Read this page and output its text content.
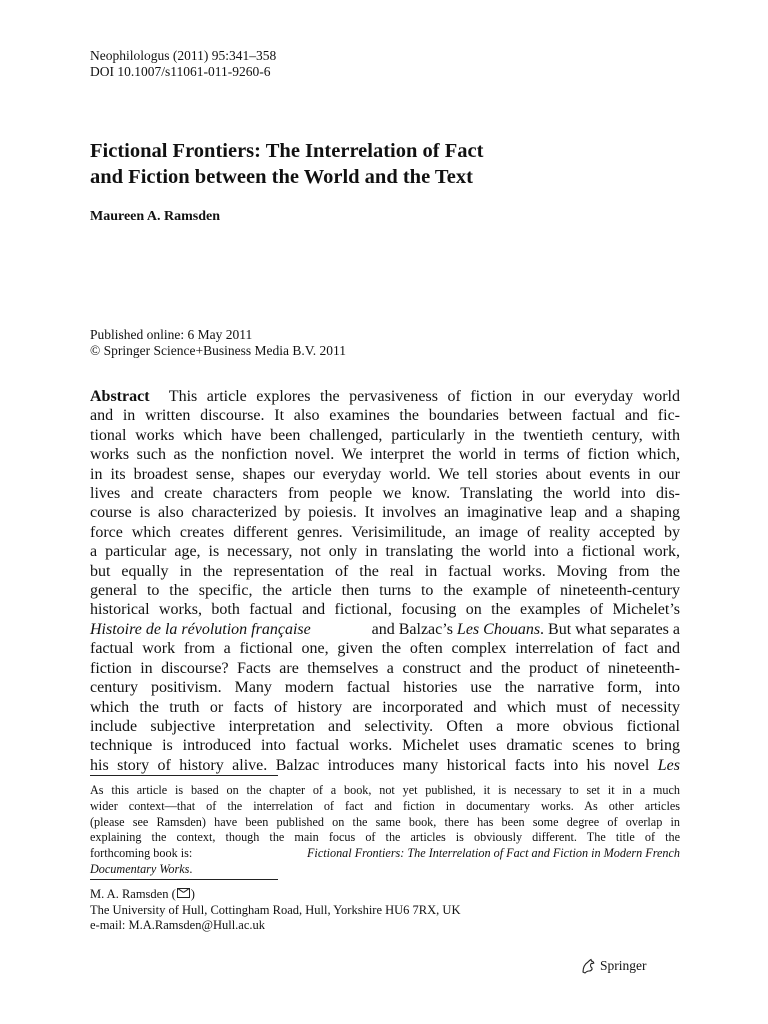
Neophilologus (2011) 95:341–358
DOI 10.1007/s11061-011-9260-6
Fictional Frontiers: The Interrelation of Fact
and Fiction between the World and the Text
Maureen A. Ramsden
Published online: 6 May 2011
© Springer Science+Business Media B.V. 2011
Abstract This article explores the pervasiveness of fiction in our everyday world
and in written discourse. It also examines the boundaries between factual and fic-
tional works which have been challenged, particularly in the twentieth century, with
works such as the nonfiction novel. We interpret the world in terms of fiction which,
in its broadest sense, shapes our everyday world. We tell stories about events in our
lives and create characters from people we know. Translating the world into dis-
course is also characterized by poiesis. It involves an imaginative leap and a shaping
force which creates different genres. Verisimilitude, an image of reality accepted by
a particular age, is necessary, not only in translating the world into a fictional work,
but equally in the representation of the real in factual works. Moving from the
general to the specific, the article then turns to the example of nineteenth-century
historical works, both factual and fictional, focusing on the examples of Michelet’s
Histoire de la révolution française	and Balzac’s Les Chouans . But what separates a
factual work from a fictional one, given the often complex interrelation of fact and
fiction in discourse? Facts are themselves a construct and the product of nineteenth-
century positivism. Many modern factual histories use the narrative form, into
which the truth or facts of history are incorporated and which must of necessity
include subjective interpretation and selectivity. Often a more obvious fictional
technique is introduced into factual works. Michelet uses dramatic scenes to bring
his story of history alive. Balzac introduces many historical facts into his novel Les
As this article is based on the chapter of a book, not yet published, it is necessary to set it in a much
wider context—that of the interrelation of fact and fiction in documentary works. As other articles
(please see Ramsden) have been published on the same book, there has been some degree of overlap in
explaining the context, though the main focus of the articles is obviously different. The title of the
forthcoming book is:	Fictional Frontiers: The Interrelation of Fact and Fiction in Modern French
Documentary Works.
M. A. Ramsden ( )
The University of Hull, Cottingham Road, Hull, Yorkshire HU6 7RX, UK
e-mail: M.A.Ramsden@Hull.ac.uk
Springer
